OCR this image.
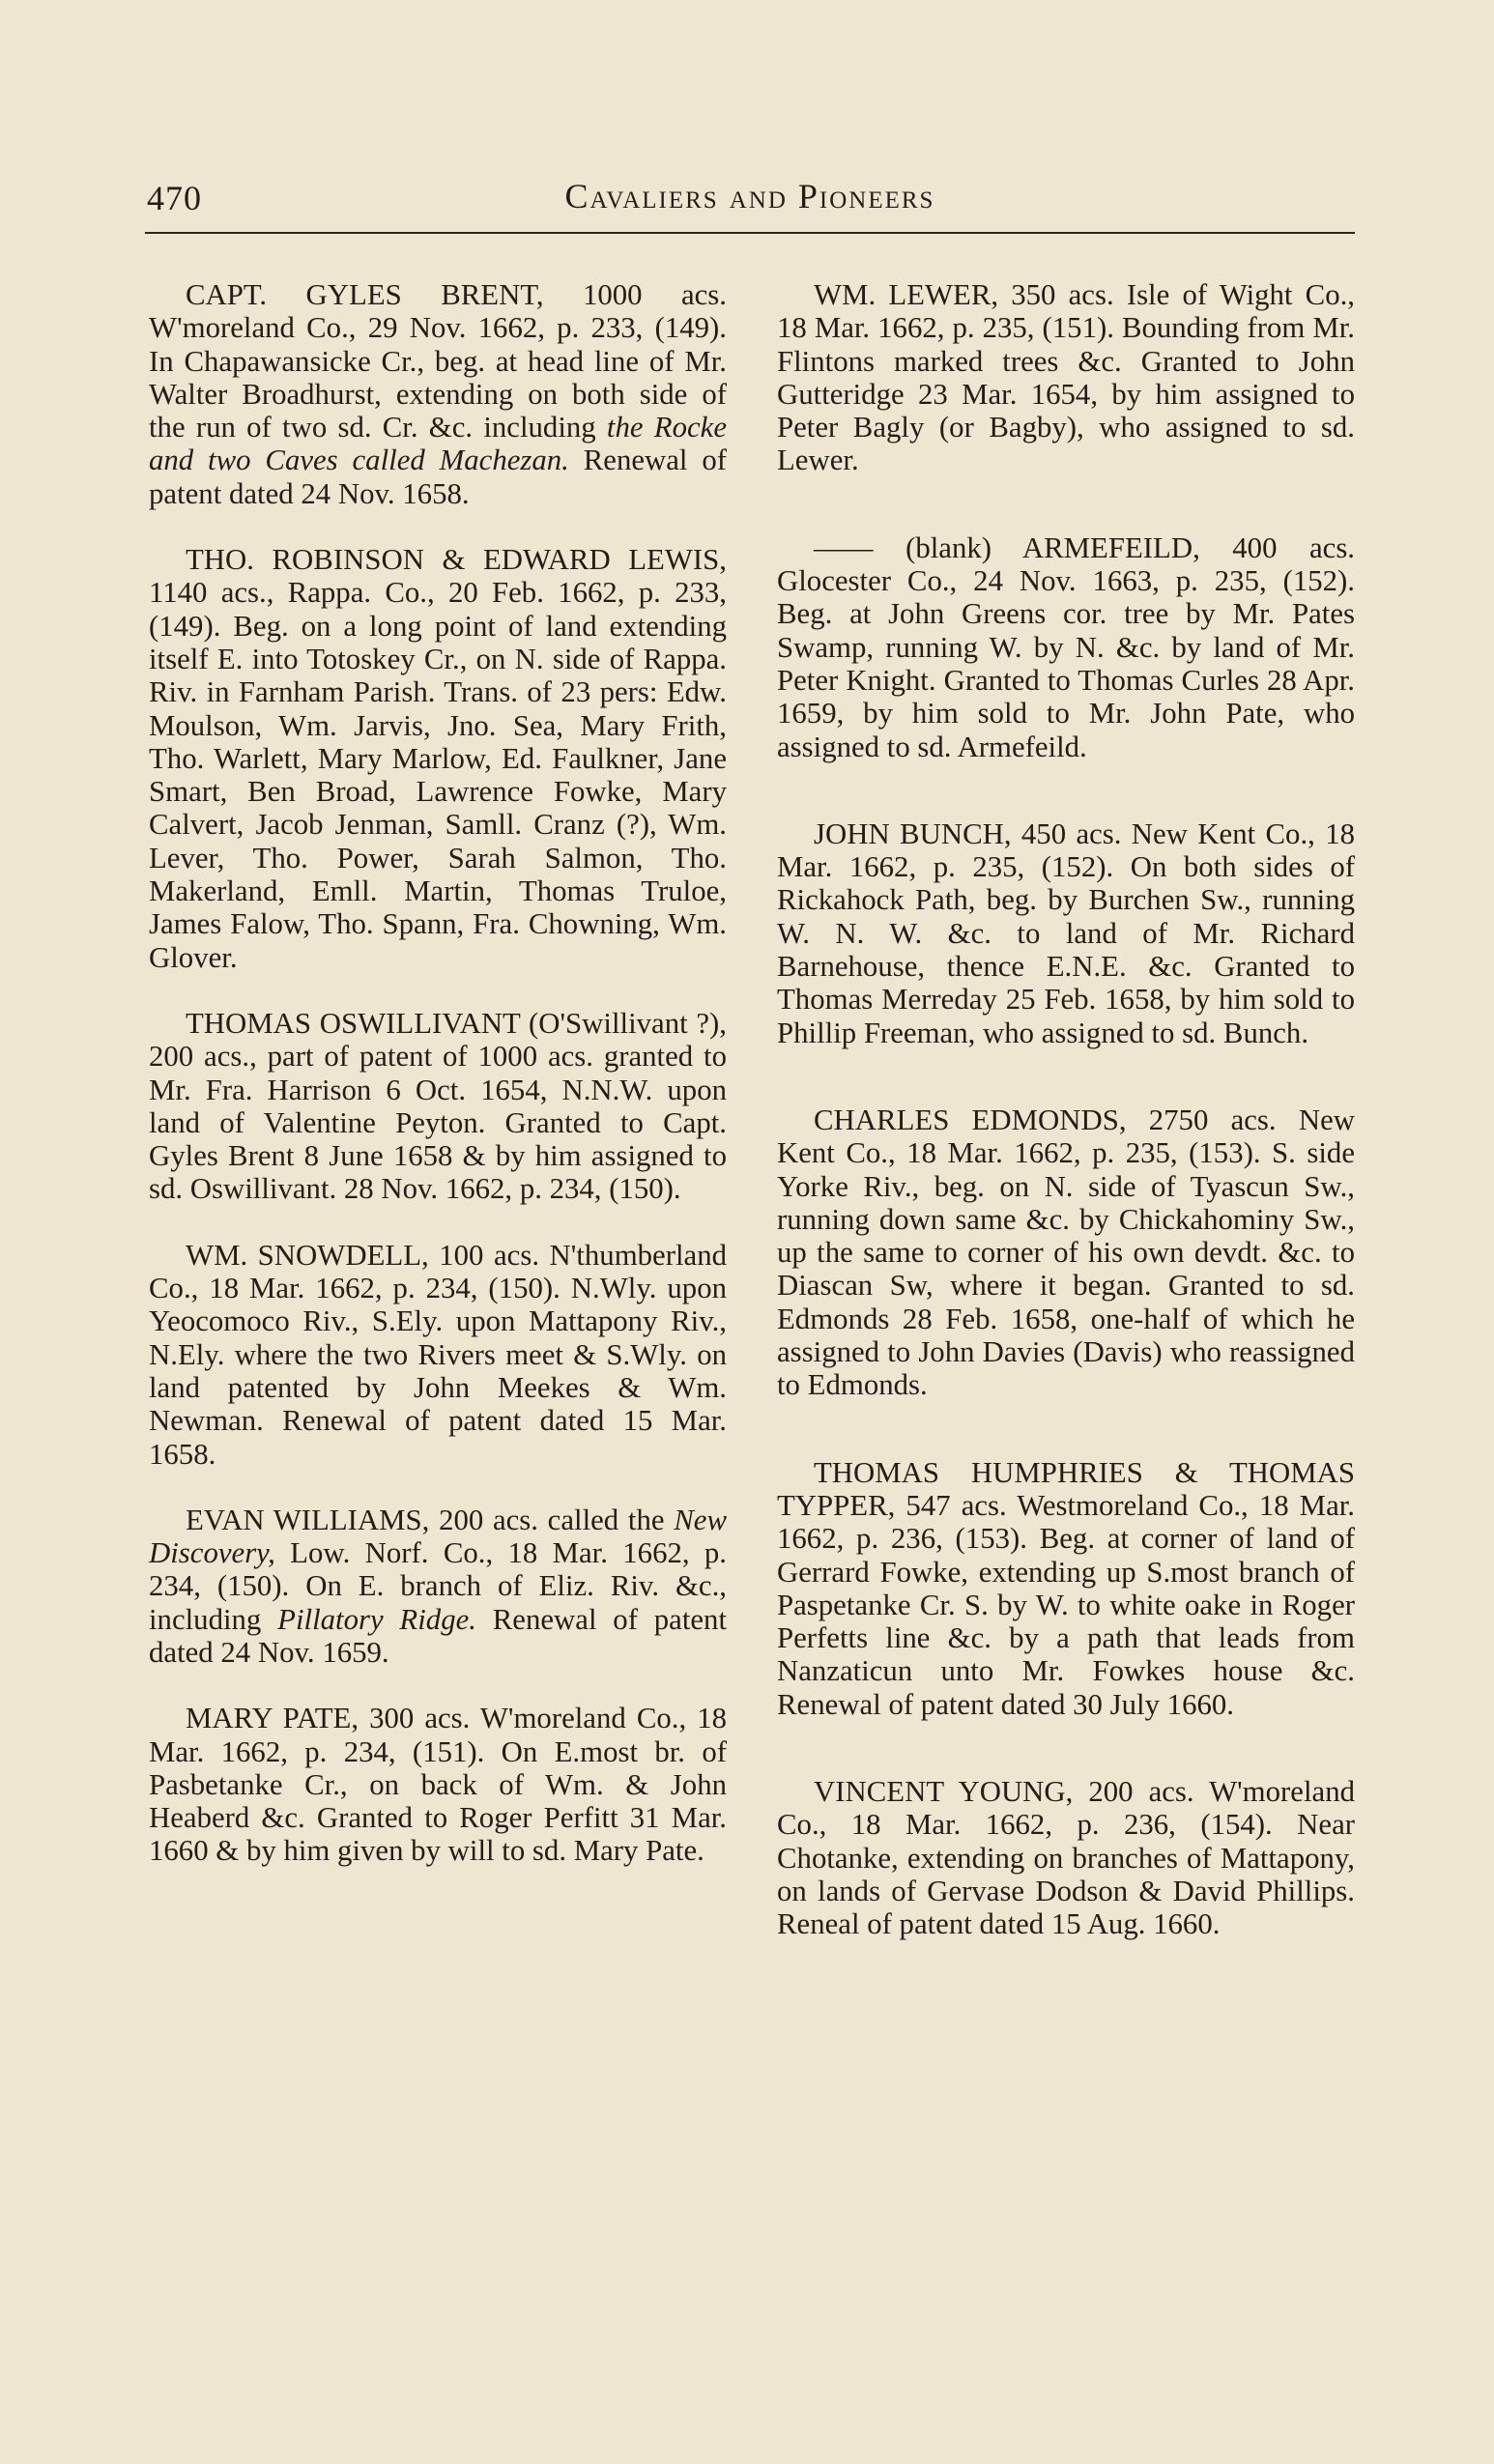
470	Cavaliers and Pioneers

CAPT. GYLES BRENT, 1000 acs. W'moreland Co., 29 Nov. 1662, p. 233, (149). In Chapawansicke Cr., beg. at head line of Mr. Walter Broadhurst, extending on both side of the run of two sd. Cr. &c. including the Rocke and two Caves called Machezan. Renewal of patent dated 24 Nov. 1658.

THO. ROBINSON & EDWARD LEWIS, 1140 acs., Rappa. Co., 20 Feb. 1662, p. 233, (149). Beg. on a long point of land extending itself E. into Totoskey Cr., on N. side of Rappa. Riv. in Farnham Parish. Trans. of 23 pers: Edw. Moulson, Wm. Jarvis, Jno. Sea, Mary Frith, Tho. Warlett, Mary Marlow, Ed. Faulkner, Jane Smart, Ben Broad, Lawrence Fowke, Mary Calvert, Jacob Jenman, Samll. Cranz (?), Wm. Lever, Tho. Power, Sarah Salmon, Tho. Makerland, Emll. Martin, Thomas Truloe, James Falow, Tho. Spann, Fra. Chowning, Wm. Glover.

THOMAS OSWILLIVANT (O'Swillivant ?), 200 acs., part of patent of 1000 acs. granted to Mr. Fra. Harrison 6 Oct. 1654, N.N.W. upon land of Valentine Peyton. Granted to Capt. Gyles Brent 8 June 1658 & by him assigned to sd. Oswillivant. 28 Nov. 1662, p. 234, (150).

WM. SNOWDELL, 100 acs. N'thumberland Co., 18 Mar. 1662, p. 234, (150). N.Wly. upon Yeocomoco Riv., S.Ely. upon Mattapony Riv., N.Ely. where the two Rivers meet & S.Wly. on land patented by John Meekes & Wm. Newman. Renewal of patent dated 15 Mar. 1658.

EVAN WILLIAMS, 200 acs. called the New Discovery, Low. Norf. Co., 18 Mar. 1662, p. 234, (150). On E. branch of Eliz. Riv. &c., including Pillatory Ridge. Renewal of patent dated 24 Nov. 1659.

MARY PATE, 300 acs. W'moreland Co., 18 Mar. 1662, p. 234, (151). On E.most br. of Pasbetanke Cr., on back of Wm. & John Heaberd &c. Granted to Roger Perfitt 31 Mar. 1660 & by him given by will to sd. Mary Pate.

WM. LEWER, 350 acs. Isle of Wight Co., 18 Mar. 1662, p. 235, (151). Bounding from Mr. Flintons marked trees &c. Granted to John Gutteridge 23 Mar. 1654, by him assigned to Peter Bagly (or Bagby), who assigned to sd. Lewer.

—— (blank) ARMEFEILD, 400 acs. Glocester Co., 24 Nov. 1663, p. 235, (152). Beg. at John Greens cor. tree by Mr. Pates Swamp, running W. by N. &c. by land of Mr. Peter Knight. Granted to Thomas Curles 28 Apr. 1659, by him sold to Mr. John Pate, who assigned to sd. Armefeild.

JOHN BUNCH, 450 acs. New Kent Co., 18 Mar. 1662, p. 235, (152). On both sides of Rickahock Path, beg. by Burchen Sw., running W. N. W. &c. to land of Mr. Richard Barnehouse, thence E.N.E. &c. Granted to Thomas Merreday 25 Feb. 1658, by him sold to Phillip Freeman, who assigned to sd. Bunch.

CHARLES EDMONDS, 2750 acs. New Kent Co., 18 Mar. 1662, p. 235, (153). S. side Yorke Riv., beg. on N. side of Tyascun Sw., running down same &c. by Chickahominy Sw., up the same to corner of his own devdt. &c. to Diascan Sw, where it began. Granted to sd. Edmonds 28 Feb. 1658, one-half of which he assigned to John Davies (Davis) who reassigned to Edmonds.

THOMAS HUMPHRIES & THOMAS TYPPER, 547 acs. Westmoreland Co., 18 Mar. 1662, p. 236, (153). Beg. at corner of land of Gerrard Fowke, extending up S.most branch of Paspetanke Cr. S. by W. to white oake in Roger Perfetts line &c. by a path that leads from Nanzaticun unto Mr. Fowkes house &c. Renewal of patent dated 30 July 1660.

VINCENT YOUNG, 200 acs. W'moreland Co., 18 Mar. 1662, p. 236, (154). Near Chotanke, extending on branches of Mattapony, on lands of Gervase Dodson & David Phillips. Reneal of patent dated 15 Aug. 1660.
